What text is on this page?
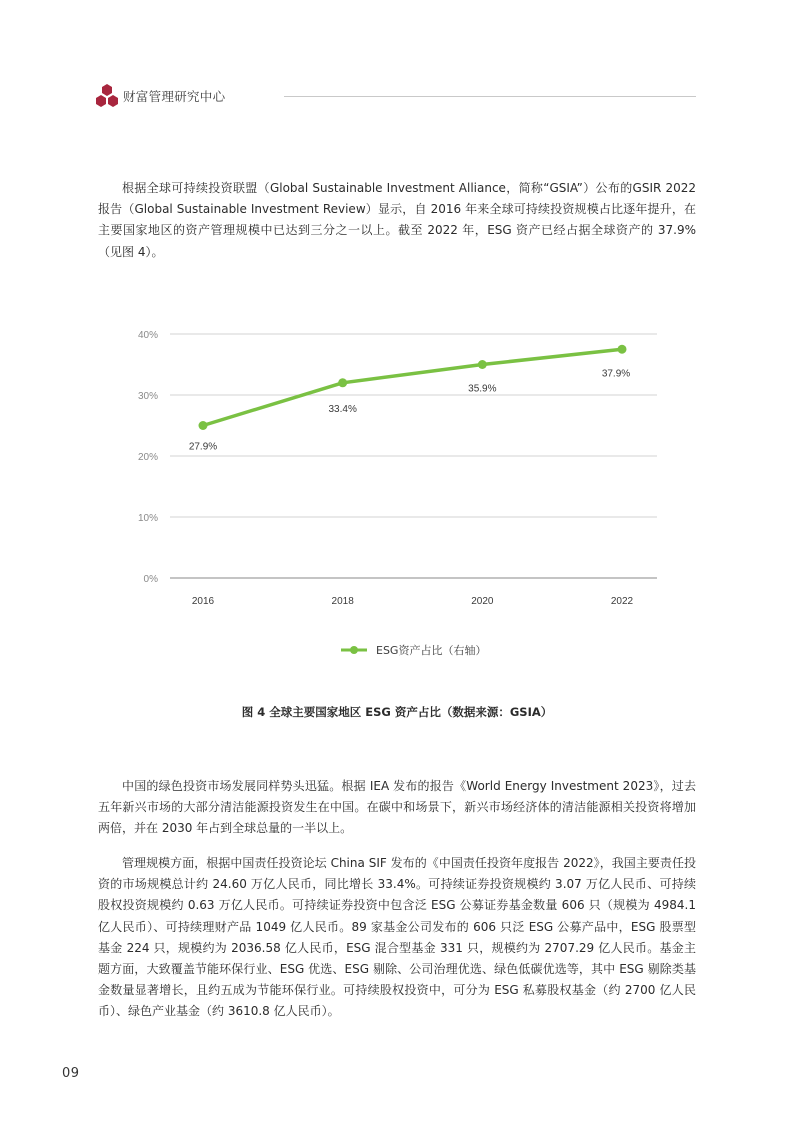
财富管理研究中心

根据全球可持续投资联盟（Global Sustainable Investment Alliance，简称“GSIA”）公布的GSIR 2022报告（Global Sustainable Investment Review）显示，自 2016 年来全球可持续投资规模占比逐年提升，在主要国家地区的资产管理规模中已达到三分之一以上。截至 2022 年，ESG 资产已经占据全球资产的 37.9%（见图 4）。

0%
10%
20%
30%
40%
2016	2018	2020	2022
27.9%
33.4%
35.9%
37.9%
ESG资产占比（右轴）
图 4 全球主要国家地区 ESG 资产占比（数据来源：GSIA）

中国的绿色投资市场发展同样势头迅猛。根据 IEA 发布的报告《World Energy Investment 2023》，过去五年新兴市场的大部分清洁能源投资发生在中国。在碳中和场景下，新兴市场经济体的清洁能源相关投资将增加两倍，并在 2030 年占到全球总量的一半以上。

管理规模方面，根据中国责任投资论坛 China SIF 发布的《中国责任投资年度报告 2022》，我国主要责任投资的市场规模总计约 24.60 万亿人民币，同比增长 33.4%。可持续证券投资规模约 3.07 万亿人民币、可持续股权投资规模约 0.63 万亿人民币。可持续证券投资中包含泛 ESG 公募证券基金数量 606 只（规模为 4984.1 亿人民币）、可持续理财产品 1049 亿人民币。89 家基金公司发布的 606 只泛 ESG 公募产品中，ESG 股票型基金 224 只，规模约为 2036.58 亿人民币，ESG 混合型基金 331 只，规模约为 2707.29 亿人民币。基金主题方面，大致覆盖节能环保行业、ESG 优选、ESG 剔除、公司治理优选、绿色低碳优选等，其中 ESG 剔除类基金数量显著增长，且约五成为节能环保行业。可持续股权投资中，可分为 ESG 私募股权基金（约 2700 亿人民币）、绿色产业基金（约 3610.8 亿人民币）。

09
